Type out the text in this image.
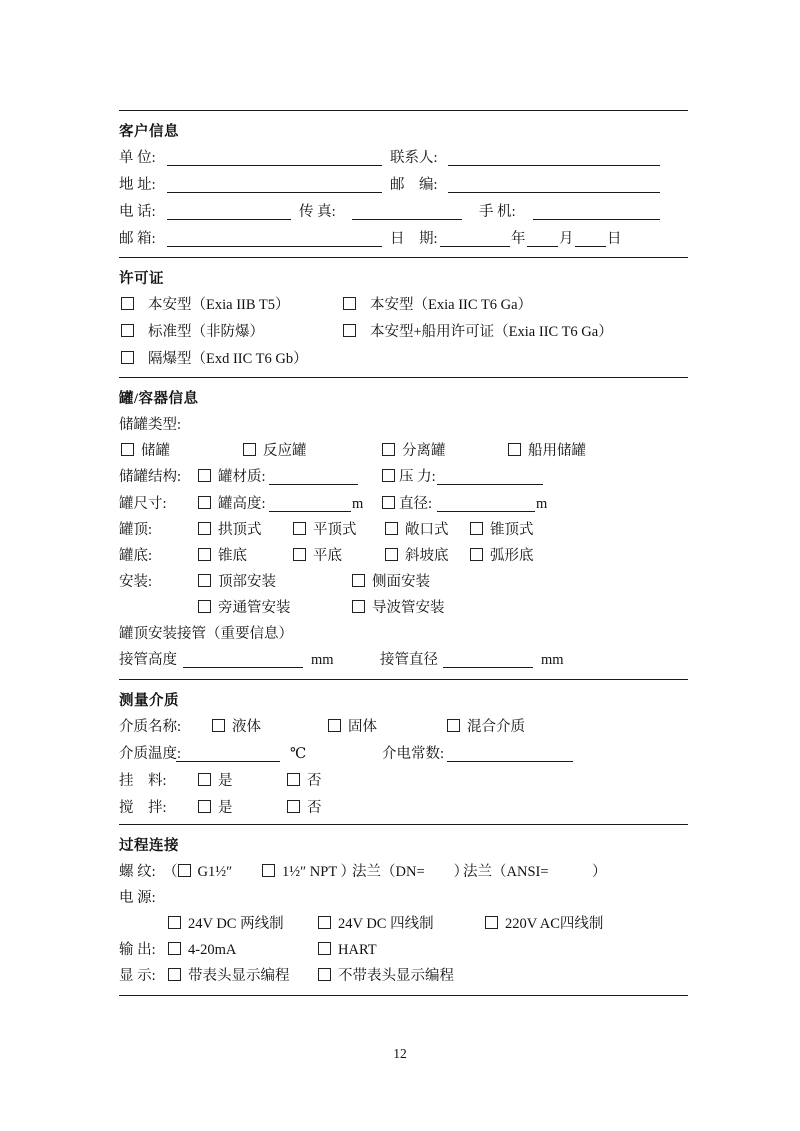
客户信息
单 位:	联系人:
地 址:	邮　编:
电 话:	传 真:	手 机:
邮 箱:	日　期:	年 月 日
许可证
本安型（Exia IIB T5）	本安型（Exia IIC T6 Ga）
标准型（非防爆）	本安型+船用许可证（Exia IIC T6 Ga）
隔爆型（Exd IIC T6 Gb）
罐/容器信息
储罐类型:
储罐	反应罐	分离罐	船用储罐
储罐结构:	罐材质:	压 力:
罐尺寸:	罐高度:	m	直径:	m
罐顶:	拱顶式	平顶式	敞口式	锥顶式
罐底:	锥底	平底	斜坡底	弧形底
安装:	顶部安装	侧面安装
旁通管安装	导波管安装
罐顶安装接管（重要信息）
接管高度	mm	接管直径	mm
测量介质
介质名称:	液体	固体	混合介质
介质温度:	℃	介电常数:
挂　料:	是	否
搅　拌:	是	否
过程连接
螺 纹: （ G1½″	1½″ NPT ）
法兰（DN=　　）
法兰（ANSI=　　　）
电 源:
24V DC 两线制	24V DC 四线制	220V AC四线制
输 出:	4-20mA	HART
显 示:	带表头显示编程	不带表头显示编程
12
